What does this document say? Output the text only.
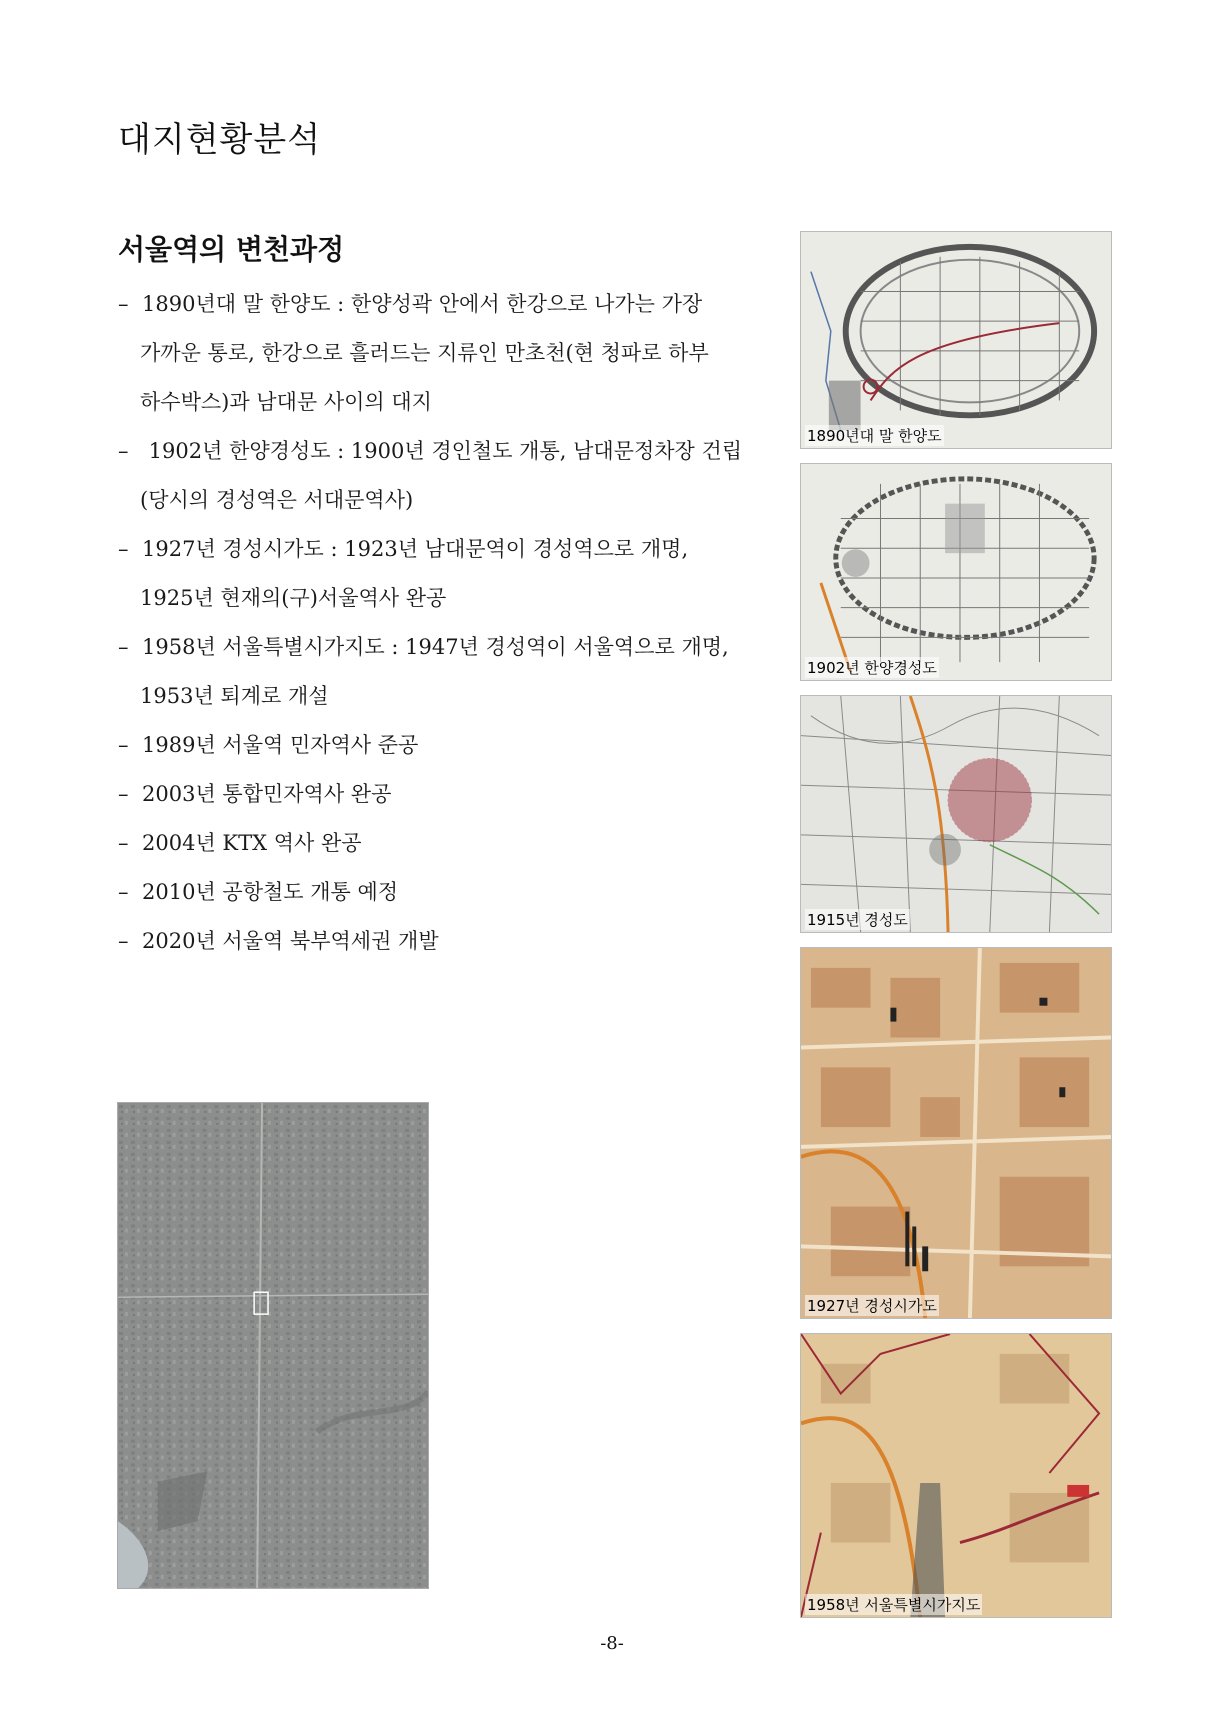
대지현황분석
서울역의 변천과정
– 1890년대 말 한양도 : 한양성곽 안에서 한강으로 나가는 가장
가까운 통로, 한강으로 흘러드는 지류인 만초천(현 청파로 하부
하수박스)과 남대문 사이의 대지
– 1902년 한양경성도 : 1900년 경인철도 개통, 남대문정차장 건립
(당시의 경성역은 서대문역사)
– 1927년 경성시가도 : 1923년 남대문역이 경성역으로 개명,
1925년 현재의(구)서울역사 완공
– 1958년 서울특별시가지도 : 1947년 경성역이 서울역으로 개명,
1953년 퇴계로 개설
– 1989년 서울역 민자역사 준공
– 2003년 통합민자역사 완공
– 2004년 KTX 역사 완공
– 2010년 공항철도 개통 예정
– 2020년 서울역 북부역세권 개발
1890년대 말 한양도
1902년 한양경성도
1915년 경성도
1927년 경성시가도
1958년 서울특별시가지도
-8-
